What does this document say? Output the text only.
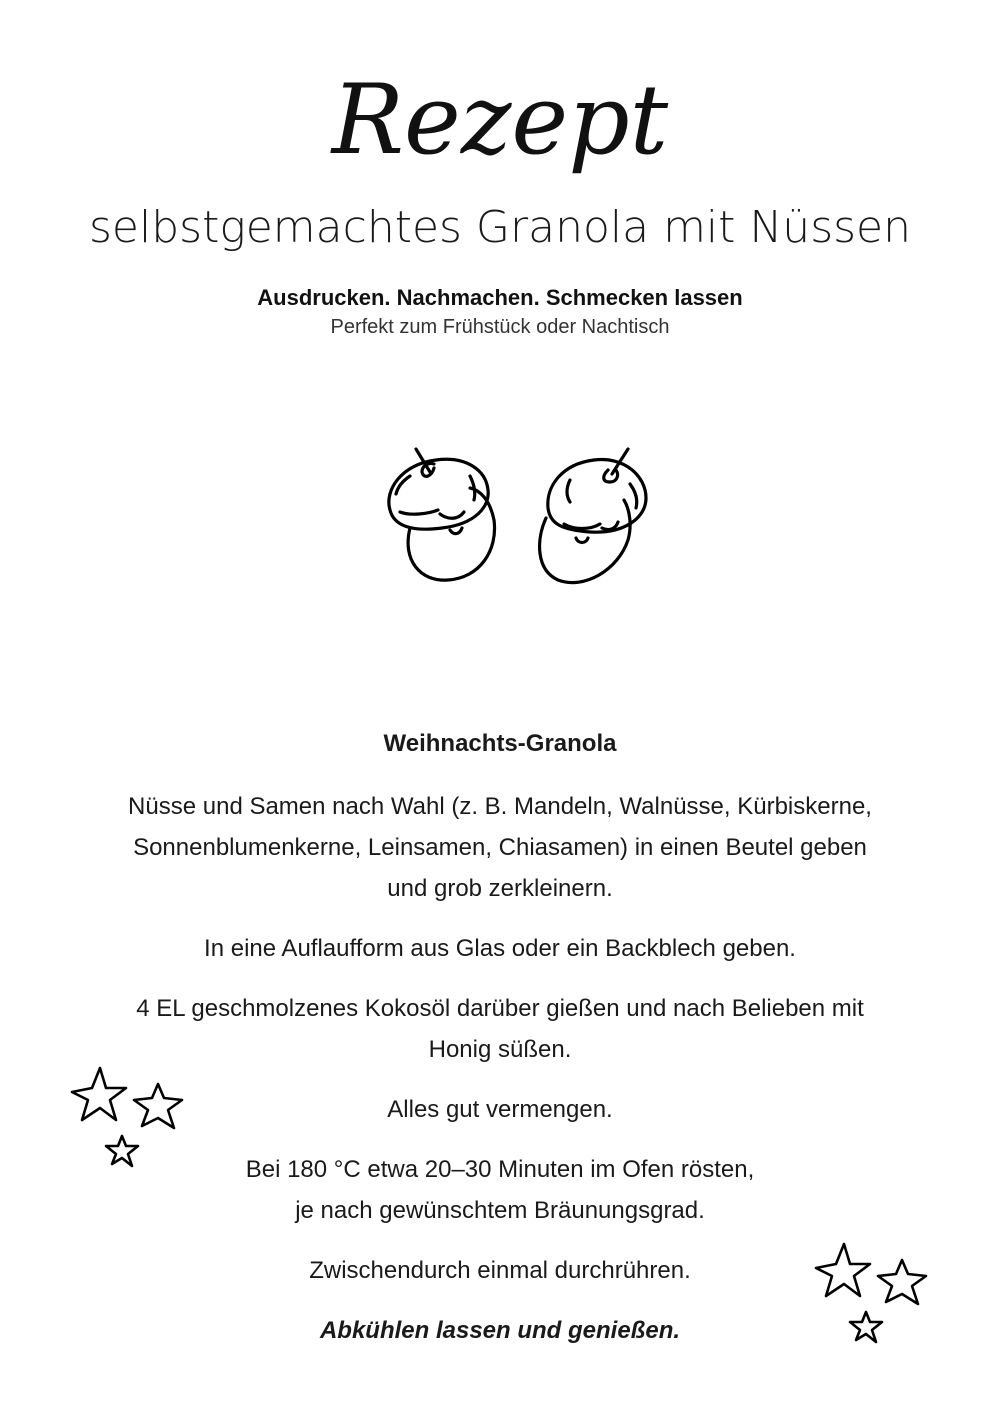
Rezept
selbstgemachtes Granola mit Nüssen
Ausdrucken. Nachmachen. Schmecken lassen
Perfekt zum Frühstück oder Nachtisch
Weihnachts-Granola
Nüsse und Samen nach Wahl (z. B. Mandeln, Walnüsse, Kürbiskerne,
Sonnenblumenkerne, Leinsamen, Chiasamen) in einen Beutel geben
und grob zerkleinern.
In eine Auflaufform aus Glas oder ein Backblech geben.
4 EL geschmolzenes Kokosöl darüber gießen und nach Belieben mit
Honig süßen.
Alles gut vermengen.
Bei 180 °C etwa 20–30 Minuten im Ofen rösten,
je nach gewünschtem Bräunungsgrad.
Zwischendurch einmal durchrühren.
Abkühlen lassen und genießen.
